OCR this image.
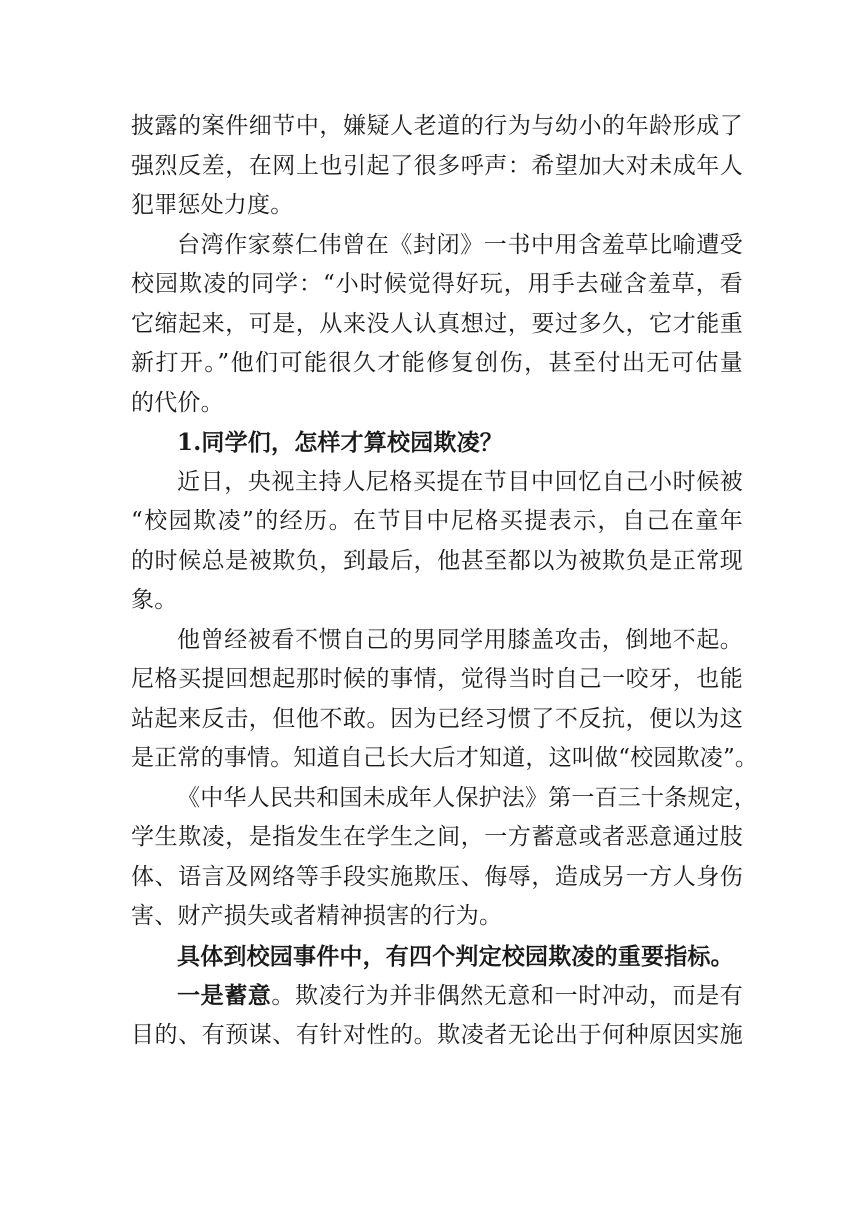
披露的案件细节中，嫌疑人老道的行为与幼小的年龄形成了
强烈反差，在网上也引起了很多呼声：希望加大对未成年人
犯罪惩处力度。
台湾作家蔡仁伟曾在《封闭》一书中用含羞草比喻遭受
校园欺凌的同学：“小时候觉得好玩，用手去碰含羞草，看
它缩起来，可是，从来没人认真想过，要过多久，它才能重
新打开。”他们可能很久才能修复创伤，甚至付出无可估量
的代价。
1.同学们，怎样才算校园欺凌？
近日，央视主持人尼格买提在节目中回忆自己小时候被
“校园欺凌”的经历。在节目中尼格买提表示，自己在童年
的时候总是被欺负，到最后，他甚至都以为被欺负是正常现
象。
他曾经被看不惯自己的男同学用膝盖攻击，倒地不起。
尼格买提回想起那时候的事情，觉得当时自己一咬牙，也能
站起来反击，但他不敢。因为已经习惯了不反抗，便以为这
是正常的事情。知道自己长大后才知道，这叫做“校园欺凌”。
《中华人民共和国未成年人保护法》第一百三十条规定，
学生欺凌，是指发生在学生之间，一方蓄意或者恶意通过肢
体、语言及网络等手段实施欺压、侮辱，造成另一方人身伤
害、财产损失或者精神损害的行为。
具体到校园事件中，有四个判定校园欺凌的重要指标。
一是蓄意。欺凌行为并非偶然无意和一时冲动，而是有
目的、有预谋、有针对性的。欺凌者无论出于何种原因实施
